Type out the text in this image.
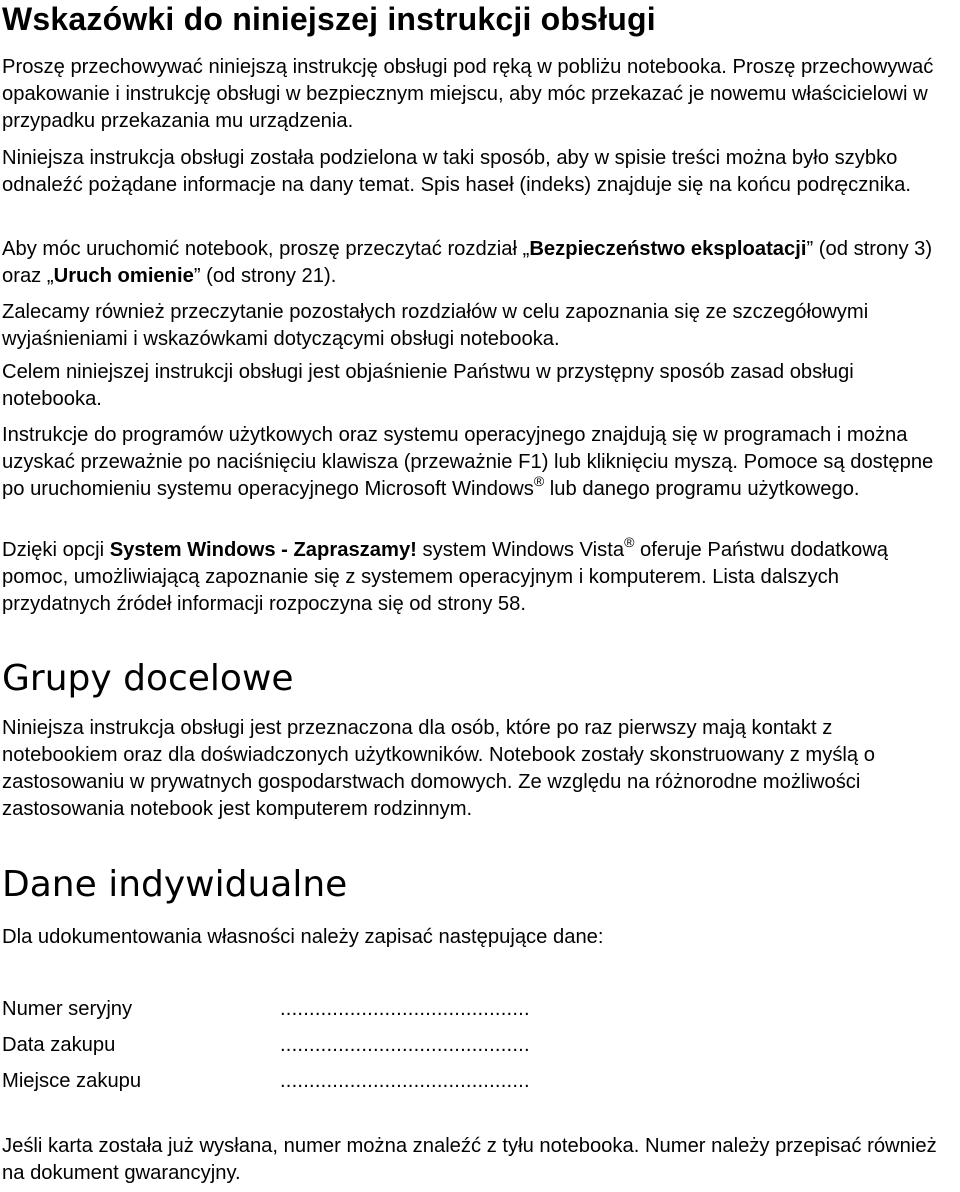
Wskazówki do niniejszej instrukcji obsługi

Proszę przechowywać niniejszą instrukcję obsługi pod ręką w pobliżu notebooka. Proszę przechowywać opakowanie i instrukcję obsługi w bezpiecznym miejscu, aby móc przekazać je nowemu właścicielowi w przypadku przekazania mu urządzenia.

Niniejsza instrukcja obsługi została podzielona w taki sposób, aby w spisie treści można było szybko odnaleźć pożądane informacje na dany temat. Spis haseł (indeks) znajduje się na końcu podręcznika.

Aby móc uruchomić notebook, proszę przeczytać rozdział „Bezpieczeństwo eksploatacji” (od strony 3) oraz „Uruch omienie” (od strony 21).

Zalecamy również przeczytanie pozostałych rozdziałów w celu zapoznania się ze szczegółowymi wyjaśnieniami i wskazówkami dotyczącymi obsługi notebooka.

Celem niniejszej instrukcji obsługi jest objaśnienie Państwu w przystępny sposób zasad obsługi notebooka.

Instrukcje do programów użytkowych oraz systemu operacyjnego znajdują się w programach i można uzyskać przeważnie po naciśnięciu klawisza (przeważnie F1) lub kliknięciu myszą. Pomoce są dostępne po uruchomieniu systemu operacyjnego Microsoft Windows® lub danego programu użytkowego.

Dzięki opcji System Windows - Zapraszamy! system Windows Vista® oferuje Państwu dodatkową pomoc, umożliwiającą zapoznanie się z systemem operacyjnym i komputerem. Lista dalszych przydatnych źródeł informacji rozpoczyna się od strony 58.

Grupy docelowe

Niniejsza instrukcja obsługi jest przeznaczona dla osób, które po raz pierwszy mają kontakt z notebookiem oraz dla doświadczonych użytkowników. Notebook zostały skonstruowany z myślą o zastosowaniu w prywatnych gospodarstwach domowych. Ze względu na różnorodne możliwości zastosowania notebook jest komputerem rodzinnym.

Dane indywidualne

Dla udokumentowania własności należy zapisać następujące dane:

Numer seryjny	...........................................
Data zakupu	...........................................
Miejsce zakupu	...........................................

Jeśli karta została już wysłana, numer można znaleźć z tyłu notebooka. Numer należy przepisać również na dokument gwarancyjny.
